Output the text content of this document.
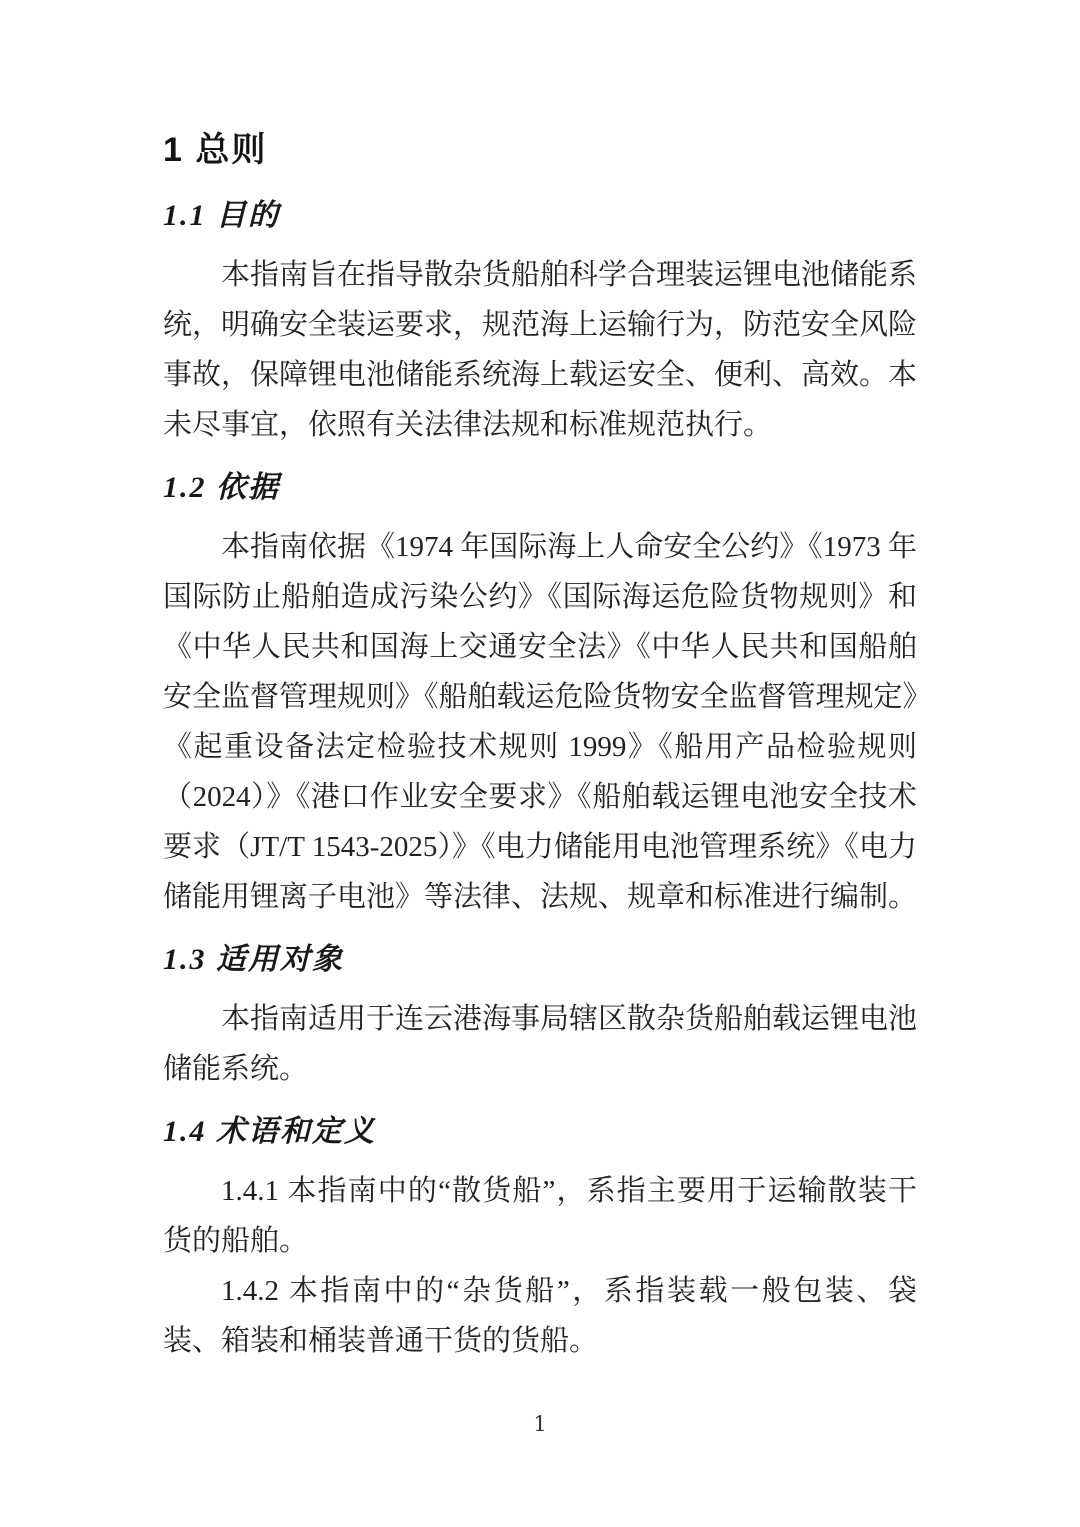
1 总则
1.1 目的

本指南旨在指导散杂货船舶科学合理装运锂电池储能系统，明确安全装运要求，规范海上运输行为，防范安全风险事故，保障锂电池储能系统海上载运安全、便利、高效。本未尽事宜，依照有关法律法规和标准规范执行。

1.2 依据

本指南依据《1974 年国际海上人命安全公约》《1973 年国际防止船舶造成污染公约》《国际海运危险货物规则》和《中华人民共和国海上交通安全法》《中华人民共和国船舶安全监督管理规则》《船舶载运危险货物安全监督管理规定》《起重设备法定检验技术规则 1999》《船用产品检验规则（2024）》《港口作业安全要求》《船舶载运锂电池安全技术要求（JT/T 1543-2025）》《电力储能用电池管理系统》《电力储能用锂离子电池》等法律、法规、规章和标准进行编制。

1.3 适用对象

本指南适用于连云港海事局辖区散杂货船舶载运锂电池储能系统。

1.4 术语和定义

1.4.1 本指南中的“散货船”，系指主要用于运输散装干货的船舶。

1.4.2 本指南中的“杂货船”，系指装载一般包装、袋装、箱装和桶装普通干货的货船。

1
